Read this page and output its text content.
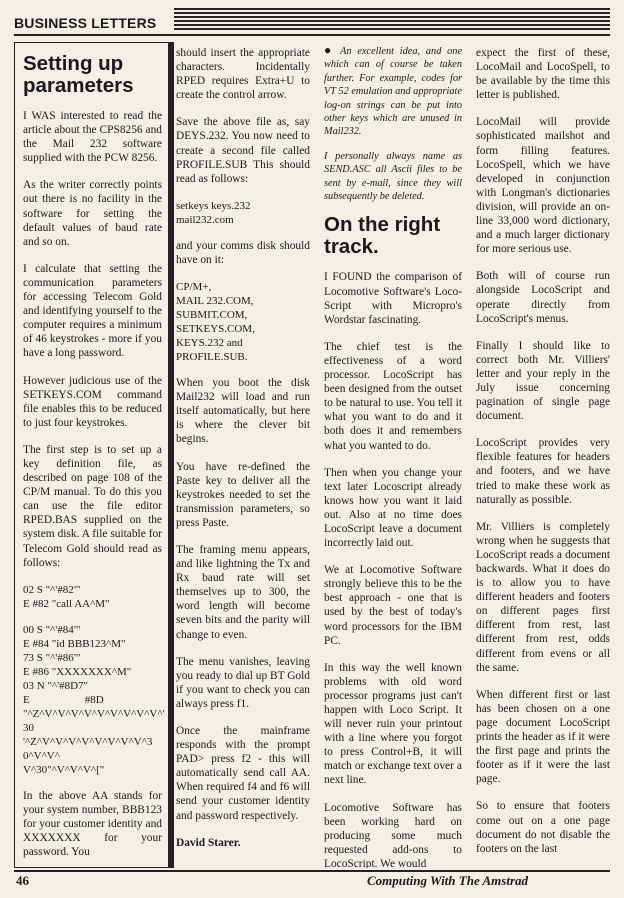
BUSINESS LETTERS
Setting up parameters

I WAS interested to read the article about the CPS8256 and the Mail 232 software supplied with the PCW 8256.

As the writer correctly points out there is no facility in the software for setting the default values of baud rate and so on.

I calculate that setting the communication parameters for accessing Telecom Gold and identifying yourself to the computer requires a minimum of 46 keystrokes - more if you have a long password.

However judicious use of the SETKEYS.COM command file enables this to be reduced to just four keystrokes.

The first step is to set up a key definition file, as described on page 108 of the CP/M manual. To do this you can use the file editor RPED.BAS supplied on the system disk. A file suitable for Telecom Gold should read as follows:

02 S "^'#82"'
E #82 "call AA^M"
00 S "^'#84"'
E #84 "id BBB123^M"
73 S "^'#86"'
E #86 "XXXXXXX^M"
03 N "^'#8D7"
E                    #8D
"^Z^V^V^V^V^V^V^V^V^V^'
30
'^Z^V^V^V^V^V^V^V^V^3
0^V^V^
V^30"^V^V^V^["

In the above AA stands for your system number, BBB123 for your customer identity and XXXXXXX for your password. You

should insert the appropriate characters. Incidentally RPED requires Extra+U to create the control arrow.

Save the above file as, say DEYS.232. You now need to create a second file called PROFILE.SUB This should read as follows:

setkeys keys.232
mail232.com

and your comms disk should have on it:

CP/M+,
MAIL 232.COM,
SUBMIT.COM,
SETKEYS.COM,
KEYS.232 and
PROFILE.SUB.

When you boot the disk Mail232 will load and run itself automatically, but here is where the clever bit begins.

You have re-defined the Paste key to deliver all the keystrokes needed to set the transmission parameters, so press Paste.

The framing menu appears, and like lightning the Tx and Rx baud rate will set themselves up to 300, the word length will become seven bits and the parity will change to even.

The menu vanishes, leaving you ready to dial up BT Gold if you want to check you can always press f1.

Once the mainframe responds with the prompt PAD> press f2 - this will automatically send call AA. When required f4 and f6 will send your customer identity and password respectively.

David Starer.

● An excellent idea, and one which can of course be taken further. For example, codes for VT 52 emulation and appropriate log-on strings can be put into other keys which are unused in Mail232.

I personally always name as SEND.ASC all Ascii files to be sent by e-mail, since they will subsequently be deleted.

On the right track.

I FOUND the comparison of Locomotive Software's Loco-Script with Micropro's Wordstar fascinating.

The chief test is the effectiveness of a word processor. LocoScript has been designed from the outset to be natural to use. You tell it what you want to do and it both does it and remembers what you wanted to do.

Then when you change your text later Locoscript already knows how you want it laid out. Also at no time does LocoScript leave a document incorrectly laid out.

We at Locomotive Software strongly believe this to be the best approach - one that is used by the best of today's word processors for the IBM PC.

In this way the well known problems with old word processor programs just can't happen with Loco Script. It will never ruin your printout with a line where you forgot to press Control+B, it will match or exchange text over a next line.

Locomotive Software has been working hard on producing some much requested add-ons to LocoScript. We would

expect the first of these, LocoMail and LocoSpell, to be available by the time this letter is published.

LocoMail will provide sophisticated mailshot and form filling features. LocoSpell, which we have developed in conjunction with Longman's dictionaries division, will provide an on-line 33,000 word dictionary, and a much larger dictionary for more serious use.

Both will of course run alongside LocoScript and operate directly from LocoScript's menus.

Finally I should like to correct both Mr. Villiers' letter and your reply in the July issue concerning pagination of single page document.

LocoScript provides very flexible features for headers and footers, and we have tried to make these work as naturally as possible.

Mr. Villiers is completely wrong when he suggests that LocoScript reads a document backwards. What it does do is to allow you to have different headers and footers on different pages first different from rest, last different from rest, odds different from evens or all the same.

When different first or last has been chosen on a one page document LocoScript prints the header as if it were the first page and prints the footer as if it were the last page.

So to ensure that footers come out on a one page document do not disable the footers on the last

46	Computing With The Amstrad
